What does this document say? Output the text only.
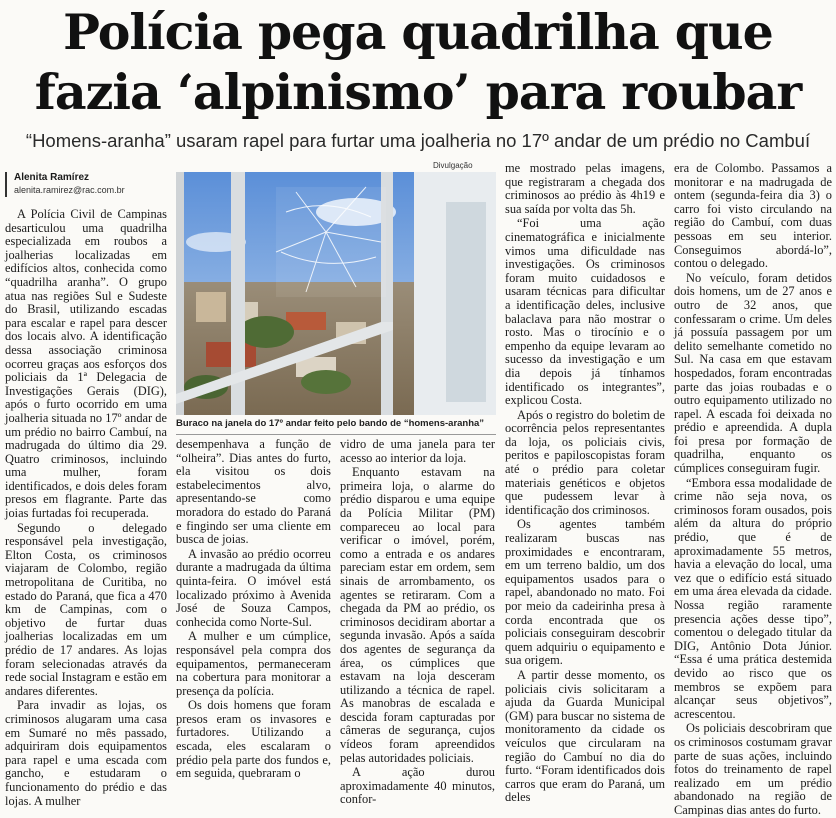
Polícia pega quadrilha que
fazia ‘alpinismo’ para roubar
“Homens-aranha” usaram rapel para furtar uma joalheria no 17º andar de um prédio no Cambuí
Alenita Ramírez
alenita.ramirez@rac.com.br
Divulgação
Buraco na janela do 17º andar feito pelo bando de “homens-aranha”

A Polícia Civil de Campinas desarticulou uma quadrilha especializada em roubos a joalherias localizadas em edifícios altos, conhecida como “quadrilha aranha”. O grupo atua nas regiões Sul e Sudeste do Brasil, utilizando escadas para escalar e rapel para descer dos locais alvo. A identificação dessa associação criminosa ocorreu graças aos esforços dos policiais da 1ª Delegacia de Investigações Gerais (DIG), após o furto ocorrido em uma joalheria situada no 17º andar de um prédio no bairro Cambuí, na madrugada do último dia 29. Quatro criminosos, incluindo uma mulher, foram identificados, e dois deles foram presos em flagrante. Parte das joias furtadas foi recuperada.

Segundo o delegado responsável pela investigação, Elton Costa, os criminosos viajaram de Colombo, região metropolitana de Curitiba, no estado do Paraná, que fica a 470 km de Campinas, com o objetivo de furtar duas joalherias localizadas em um prédio de 17 andares. As lojas foram selecionadas através da rede social Instagram e estão em andares diferentes.

Para invadir as lojas, os criminosos alugaram uma casa em Sumaré no mês passado, adquiriram dois equipamentos para rapel e uma escada com gancho, e estudaram o funcionamento do prédio e das lojas. A mulher

desempenhava a função de “olheira”. Dias antes do furto, ela visitou os dois estabelecimentos alvo, apresentando-se como moradora do estado do Paraná e fingindo ser uma cliente em busca de joias.

A invasão ao prédio ocorreu durante a madrugada da última quinta-feira. O imóvel está localizado próximo à Avenida José de Souza Campos, conhecida como Norte-Sul.

A mulher e um cúmplice, responsável pela compra dos equipamentos, permaneceram na cobertura para monitorar a presença da polícia.

Os dois homens que foram presos eram os invasores e furtadores. Utilizando a escada, eles escalaram o prédio pela parte dos fundos e, em seguida, quebraram o

vidro de uma janela para ter acesso ao interior da loja.

Enquanto estavam na primeira loja, o alarme do prédio disparou e uma equipe da Polícia Militar (PM) compareceu ao local para verificar o imóvel, porém, como a entrada e os andares pareciam estar em ordem, sem sinais de arrombamento, os agentes se retiraram. Com a chegada da PM ao prédio, os criminosos decidiram abortar a segunda invasão. Após a saída dos agentes de segurança da área, os cúmplices que estavam na loja desceram utilizando a técnica de rapel. As manobras de escalada e descida foram capturadas por câmeras de segurança, cujos vídeos foram apreendidos pelas autoridades policiais.

A ação durou aproximadamente 40 minutos, confor-

me mostrado pelas imagens, que registraram a chegada dos criminosos ao prédio às 4h19 e sua saída por volta das 5h.

“Foi uma ação cinematográfica e inicialmente vimos uma dificuldade nas investigações. Os criminosos foram muito cuidadosos e usaram técnicas para dificultar a identificação deles, inclusive balaclava para não mostrar o rosto. Mas o tirocínio e o empenho da equipe levaram ao sucesso da investigação e um dia depois já tínhamos identificado os integrantes”, explicou Costa.

Após o registro do boletim de ocorrência pelos representantes da loja, os policiais civis, peritos e papiloscopistas foram até o prédio para coletar materiais genéticos e objetos que pudessem levar à identificação dos criminosos.

Os agentes também realizaram buscas nas proximidades e encontraram, em um terreno baldio, um dos equipamentos usados para o rapel, abandonado no mato. Foi por meio da cadeirinha presa à corda encontrada que os policiais conseguiram descobrir quem adquiriu o equipamento e sua origem.

A partir desse momento, os policiais civis solicitaram a ajuda da Guarda Municipal (GM) para buscar no sistema de monitoramento da cidade os veículos que circularam na região do Cambuí no dia do furto. “Foram identificados dois carros que eram do Paraná, um deles

era de Colombo. Passamos a monitorar e na madrugada de ontem (segunda-feira dia 3) o carro foi visto circulando na região do Cambuí, com duas pessoas em seu interior. Conseguimos abordá-lo”, contou o delegado.

No veículo, foram detidos dois homens, um de 27 anos e outro de 32 anos, que confessaram o crime. Um deles já possuía passagem por um delito semelhante cometido no Sul. Na casa em que estavam hospedados, foram encontradas parte das joias roubadas e o outro equipamento utilizado no rapel. A escada foi deixada no prédio e apreendida. A dupla foi presa por formação de quadrilha, enquanto os cúmplices conseguiram fugir.

“Embora essa modalidade de crime não seja nova, os criminosos foram ousados, pois além da altura do próprio prédio, que é de aproximadamente 55 metros, havia a elevação do local, uma vez que o edifício está situado em uma área elevada da cidade. Nossa região raramente presencia ações desse tipo”, comentou o delegado titular da DIG, Antônio Dota Júnior. “Essa é uma prática destemida devido ao risco que os membros se expõem para alcançar seus objetivos”, acrescentou.

Os policiais descobriram que os criminosos costumam gravar parte de suas ações, incluindo fotos do treinamento de rapel realizado em um prédio abandonado na região de Campinas dias antes do furto.
